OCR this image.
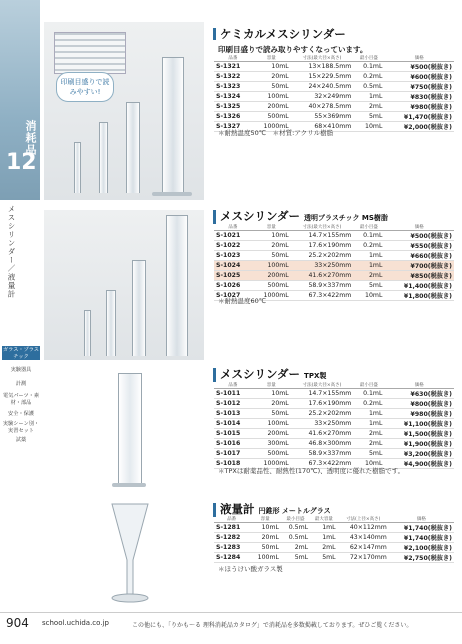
消耗品
12
メスシリンダー／液量計
ガラス・プラスチック
実験器具
計測
電気パーツ・素材・部品
安全・保護
実験シーン別・実習セット
試薬
印刷目盛りで読みやすい!
ケミカルメスシリンダー
印刷目盛りで読み取りやすくなっています。
品番	容量	寸法(最大径×高さ)	最小目盛	価格
S-1321	10mL	13×188.5mm	0.1mL	¥500(税抜き)
S-1322	20mL	15×229.5mm	0.2mL	¥600(税抜き)
S-1323	50mL	24×240.5mm	0.5mL	¥750(税抜き)
S-1324	100mL	32×249mm	1mL	¥830(税抜き)
S-1325	200mL	40×278.5mm	2mL	¥980(税抜き)
S-1326	500mL	55×369mm	5mL	¥1,470(税抜き)
S-1327	1000mL	68×410mm	10mL	¥2,000(税抜き)
＊耐熱温度50℃　＊材質:アクリル樹脂
メスシリンダー 透明プラスチック MS樹脂
品番	容量	寸法(最大径×高さ)	最小目盛	価格
S-1021	10mL	14.7×155mm	0.1mL	¥500(税抜き)
S-1022	20mL	17.6×190mm	0.2mL	¥550(税抜き)
S-1023	50mL	25.2×202mm	1mL	¥660(税抜き)
S-1024	100mL	33×250mm	1mL	¥700(税抜き)
S-1025	200mL	41.6×270mm	2mL	¥850(税抜き)
S-1026	500mL	58.9×337mm	5mL	¥1,400(税抜き)
S-1027	1000mL	67.3×422mm	10mL	¥1,800(税抜き)
＊耐熱温度60℃
メスシリンダー TPX製
品番	容量	寸法(最大径×高さ)	最小目盛	価格
S-1011	10mL	14.7×155mm	0.1mL	¥630(税抜き)
S-1012	20mL	17.6×190mm	0.2mL	¥800(税抜き)
S-1013	50mL	25.2×202mm	1mL	¥980(税抜き)
S-1014	100mL	33×250mm	1mL	¥1,100(税抜き)
S-1015	200mL	41.6×270mm	2mL	¥1,500(税抜き)
S-1016	300mL	46.8×300mm	2mL	¥1,900(税抜き)
S-1017	500mL	58.9×337mm	5mL	¥3,200(税抜き)
S-1018	1000mL	67.3×422mm	10mL	¥4,900(税抜き)
＊TPXは耐薬品性、耐熱性(170℃)、透明度に優れた樹脂です。
液量計 円錐形 メートルグラス
品番	容量	最小目盛	最大容量	寸法(上径×高さ)	価格
S-1281	10mL	0.5mL	1mL	40×112mm	¥1,740(税抜き)
S-1282	20mL	0.5mL	1mL	43×140mm	¥1,740(税抜き)
S-1283	50mL	2mL	2mL	62×147mm	¥2,100(税抜き)
S-1284	100mL	5mL	5mL	72×170mm	¥2,750(税抜き)
＊ほうけい酸ガラス製
904 school.uchida.co.jp	この他にも、「りかも〜る 理科消耗品カタログ」で消耗品を多数掲載しております。ぜひご覧ください。
